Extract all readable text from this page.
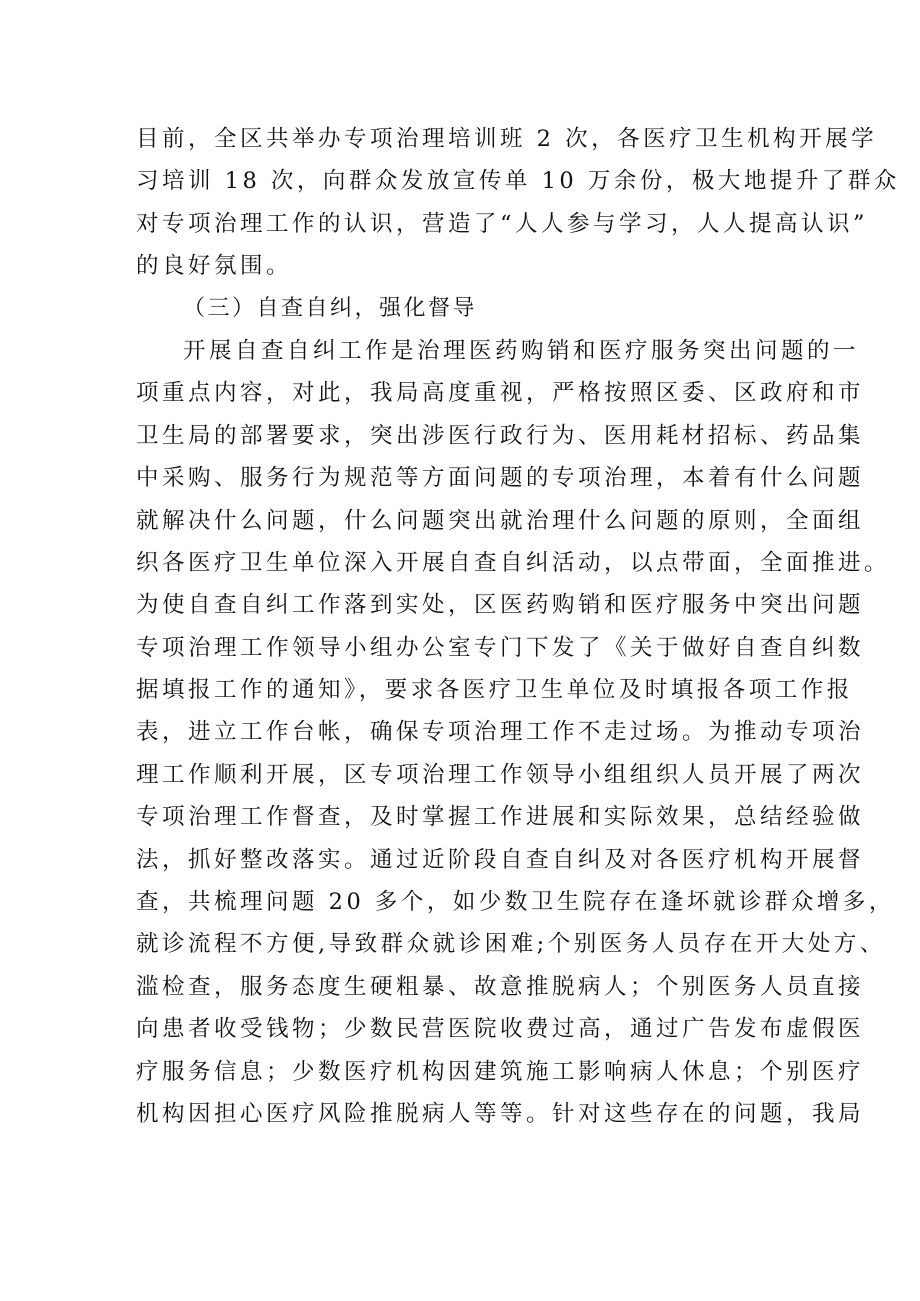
目前，全区共举办专项治理培训班 2 次，各医疗卫生机构开展学
习培训 18 次，向群众发放宣传单 10 万余份，极大地提升了群众
对专项治理工作的认识，营造了“人人参与学习，人人提高认识”
的良好氛围。
（三）自查自纠，强化督导
开展自查自纠工作是治理医药购销和医疗服务突出问题的一
项重点内容，对此，我局高度重视，严格按照区委、区政府和市
卫生局的部署要求，突出涉医行政行为、医用耗材招标、药品集
中采购、服务行为规范等方面问题的专项治理，本着有什么问题
就解决什么问题，什么问题突出就治理什么问题的原则，全面组
织各医疗卫生单位深入开展自查自纠活动，以点带面，全面推进。
为使自查自纠工作落到实处，区医药购销和医疗服务中突出问题
专项治理工作领导小组办公室专门下发了《关于做好自查自纠数
据填报工作的通知》，要求各医疗卫生单位及时填报各项工作报
表，进立工作台帐，确保专项治理工作不走过场。为推动专项治
理工作顺利开展，区专项治理工作领导小组组织人员开展了两次
专项治理工作督查，及时掌握工作进展和实际效果，总结经验做
法，抓好整改落实。通过近阶段自查自纠及对各医疗机构开展督
查，共梳理问题 20 多个，如少数卫生院存在逢坏就诊群众增多，
就诊流程不方便,导致群众就诊困难;个别医务人员存在开大处方、
滥检查，服务态度生硬粗暴、故意推脱病人；个别医务人员直接
向患者收受钱物；少数民营医院收费过高，通过广告发布虚假医
疗服务信息；少数医疗机构因建筑施工影响病人休息；个别医疗
机构因担心医疗风险推脱病人等等。针对这些存在的问题，我局
